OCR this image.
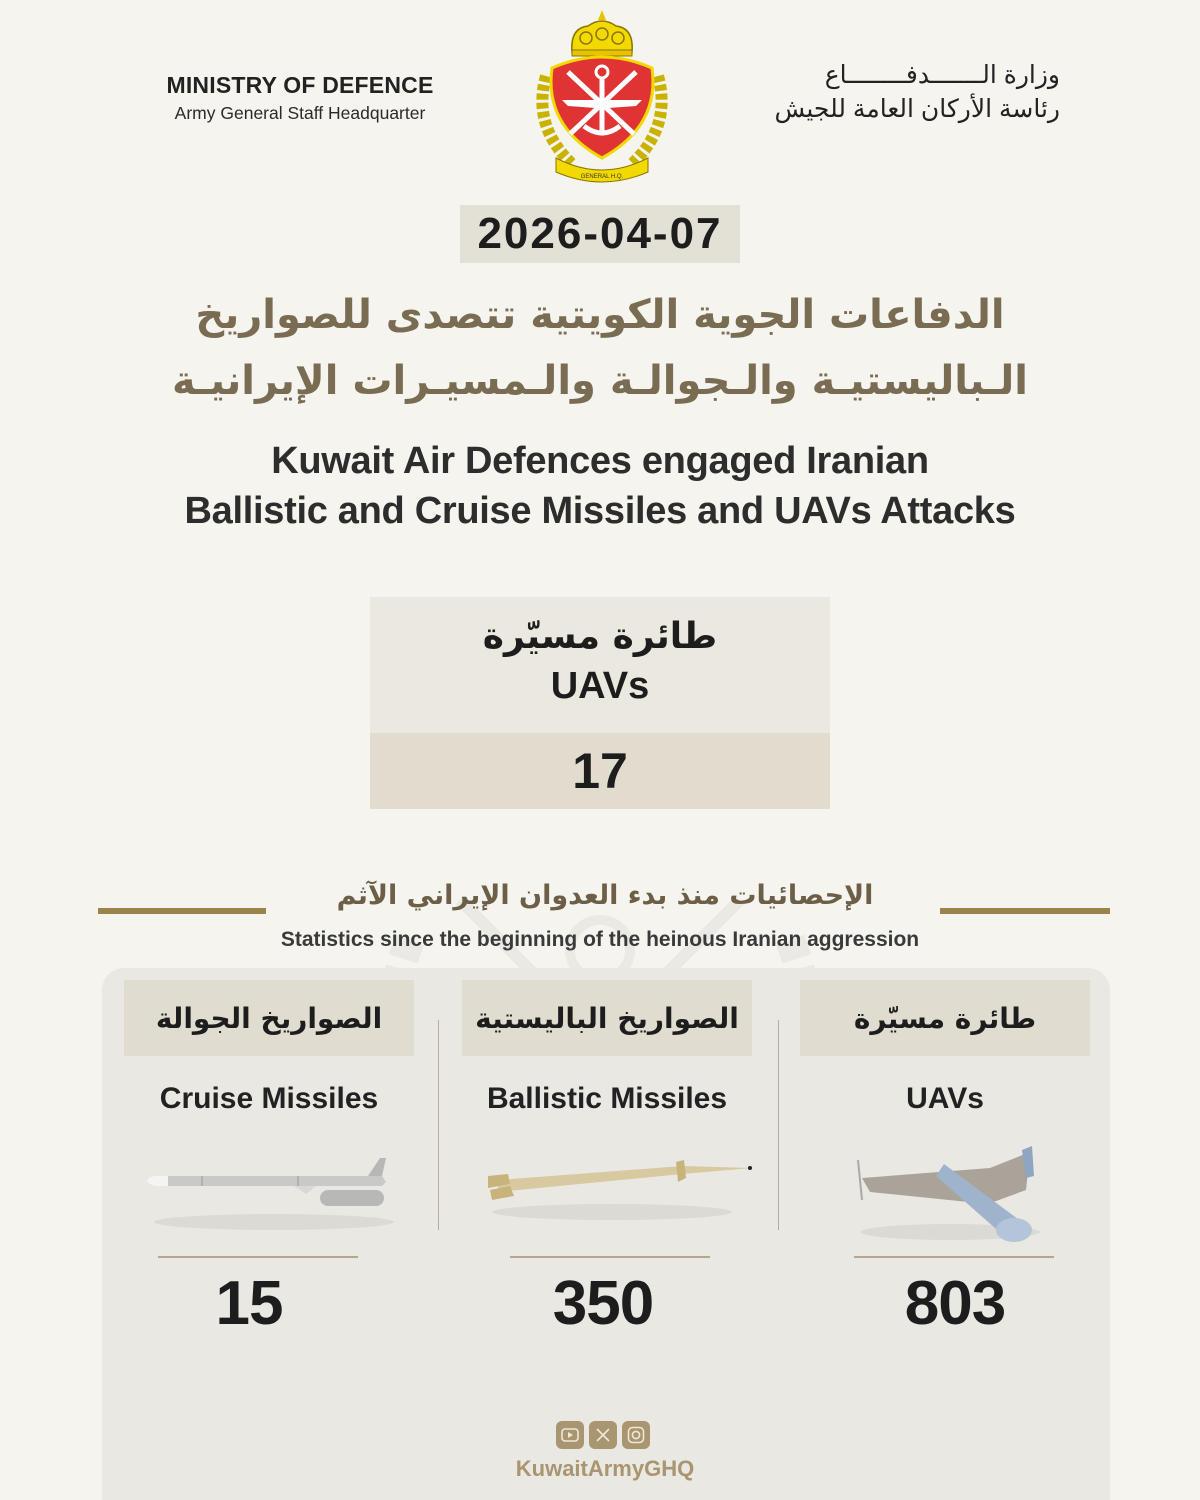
MINISTRY OF DEFENCE
Army General Staff Headquarter
GENERAL H.Q.
وزارة الـــــــدفــــــــاع
رئاسة الأركان العامة للجيش
2026-04-07
الدفاعات الجوية الكويتية تتصدى للصواريخ
الـباليستيـة والـجوالـة والـمسيـرات الإيرانيـة
Kuwait Air Defences engaged Iranian
Ballistic and Cruise Missiles and UAVs Attacks
طائرة مسيّرة
UAVs
17
الإحصائيات منذ بدء العدوان الإيراني الآثم
Statistics since the beginning of the heinous Iranian aggression
الصواريخ الجوالة
Cruise Missiles
15
الصواريخ الباليستية
Ballistic Missiles
350
طائرة مسيّرة
UAVs
803
KuwaitArmyGHQ
